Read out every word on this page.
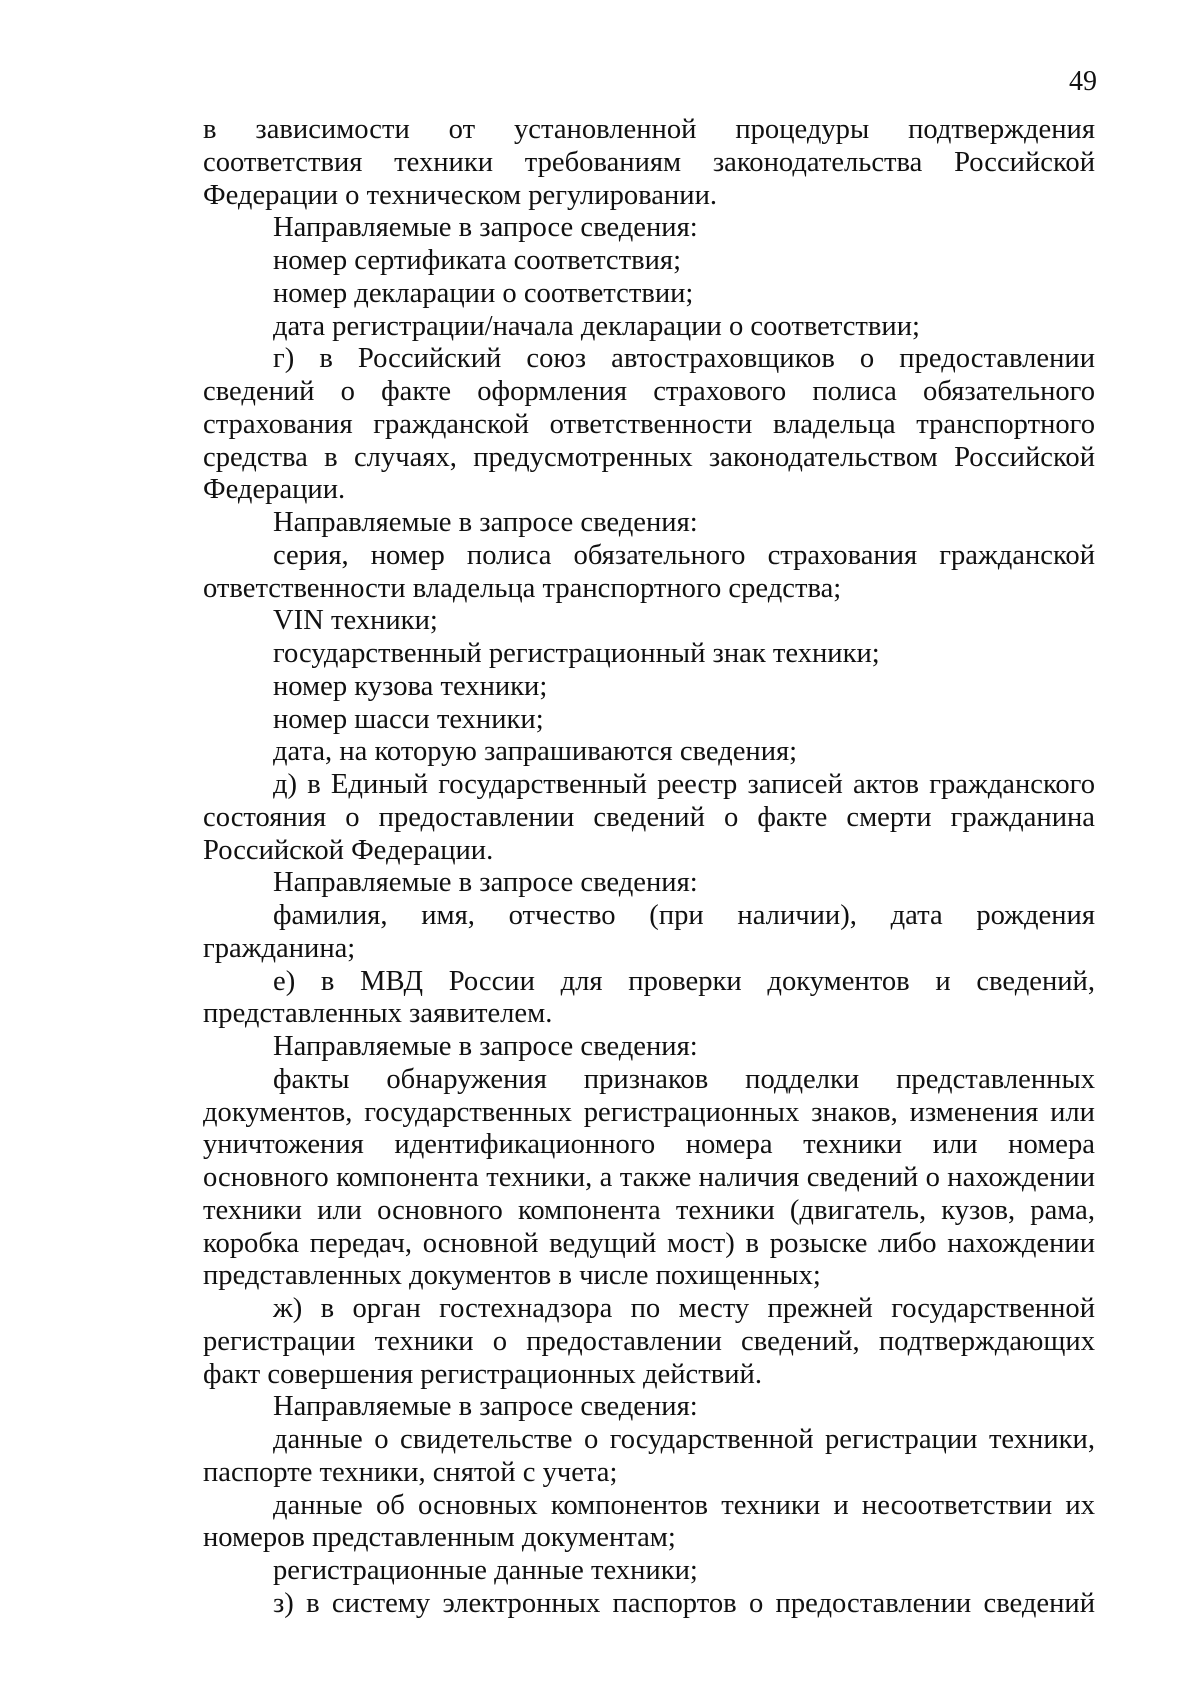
49

в зависимости от установленной процедуры подтверждения соответствия техники требованиям законодательства Российской Федерации о техническом регулировании.

Направляемые в запросе сведения:

номер сертификата соответствия;

номер декларации о соответствии;

дата регистрации/начала декларации о соответствии;

г) в Российский союз автостраховщиков о предоставлении сведений о факте оформления страхового полиса обязательного страхования гражданской ответственности владельца транспортного средства в случаях, предусмотренных законодательством Российской Федерации.

Направляемые в запросе сведения:

серия, номер полиса обязательного страхования гражданской ответственности владельца транспортного средства;

VIN техники;

государственный регистрационный знак техники;

номер кузова техники;

номер шасси техники;

дата, на которую запрашиваются сведения;

д) в Единый государственный реестр записей актов гражданского состояния о предоставлении сведений о факте смерти гражданина Российской Федерации.

Направляемые в запросе сведения:

фамилия, имя, отчество (при наличии), дата рождения гражданина;

е) в МВД России для проверки документов и сведений, представленных заявителем.

Направляемые в запросе сведения:

факты обнаружения признаков подделки представленных документов, государственных регистрационных знаков, изменения или уничтожения идентификационного номера техники или номера основного компонента техники, а также наличия сведений о нахождении техники или основного компонента техники (двигатель, кузов, рама, коробка передач, основной ведущий мост) в розыске либо нахождении представленных документов в числе похищенных;

ж) в орган гостехнадзора по месту прежней государственной регистрации техники о предоставлении сведений, подтверждающих факт совершения регистрационных действий.

Направляемые в запросе сведения:

данные о свидетельстве о государственной регистрации техники, паспорте техники, снятой с учета;

данные об основных компонентов техники и несоответствии их номеров представленным документам;

регистрационные данные техники;

з) в систему электронных паспортов о предоставлении сведений
